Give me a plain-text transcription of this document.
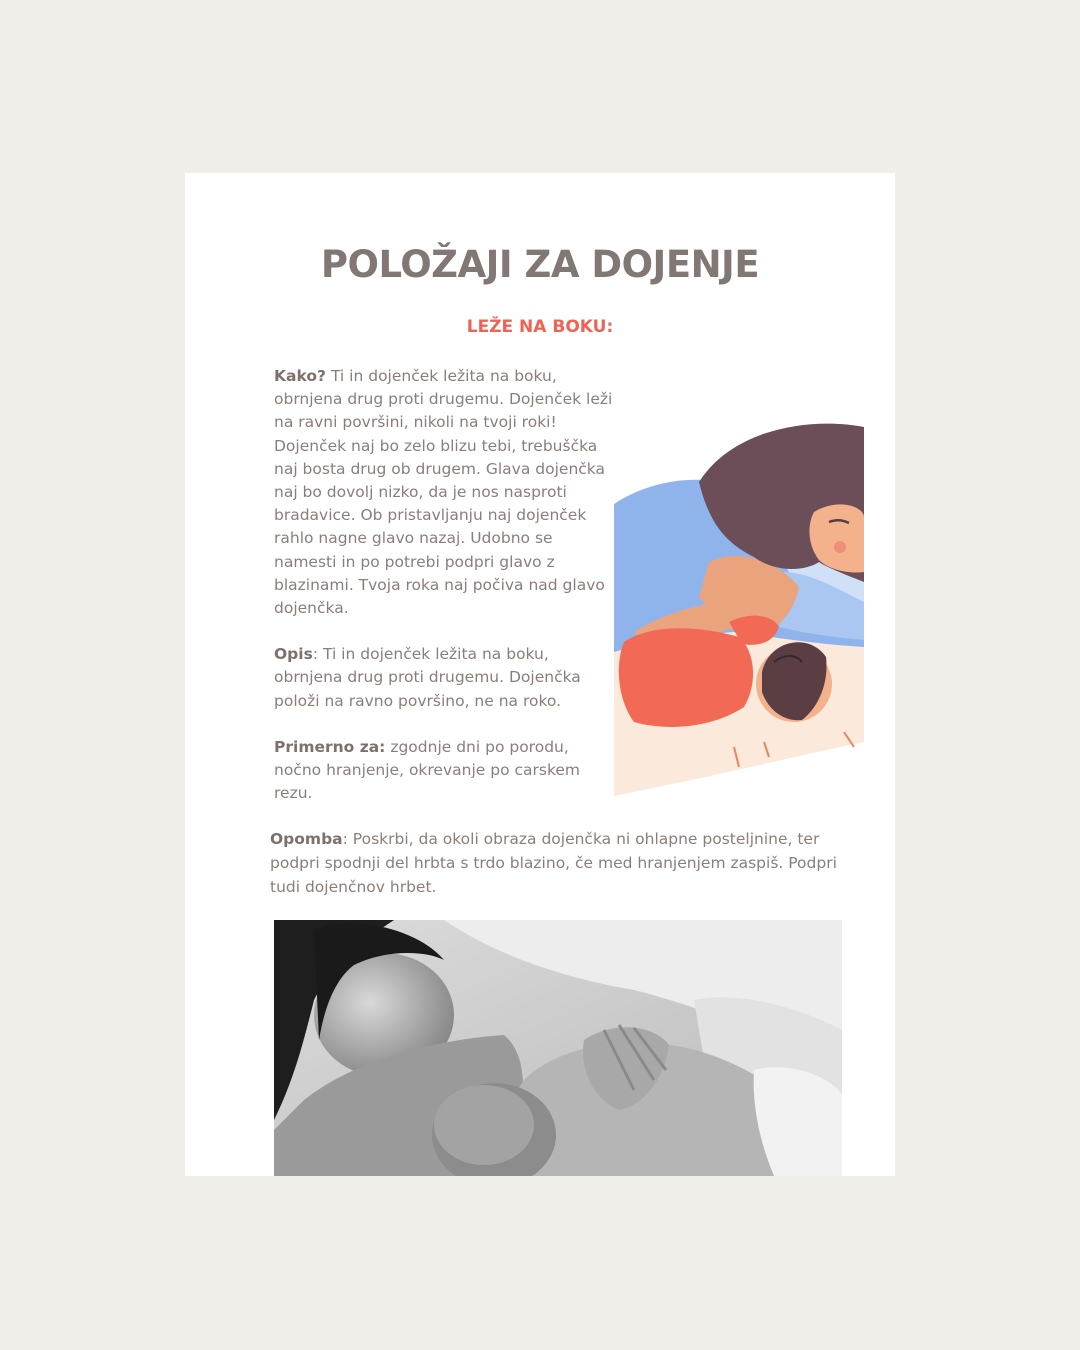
POLOŽAJI ZA DOJENJE
LEŽE NA BOKU:

Kako? Ti in dojenček ležita na boku, obrnjena drug proti drugemu. Dojenček leži na ravni površini, nikoli na tvoji roki! Dojenček naj bo zelo blizu tebi, trebuščka naj bosta drug ob drugem. Glava dojenčka naj bo dovolj nizko, da je nos nasproti bradavice. Ob pristavljanju naj dojenček rahlo nagne glavo nazaj. Udobno se namesti in po potrebi podpri glavo z blazinami. Tvoja roka naj počiva nad glavo dojenčka.

Opis: Ti in dojenček ležita na boku, obrnjena drug proti drugemu. Dojenčka položi na ravno površino, ne na roko.

Primerno za: zgodnje dni po porodu, nočno hranjenje, okrevanje po carskem rezu.

Opomba: Poskrbi, da okoli obraza dojenčka ni ohlapne posteljnine, ter podpri spodnji del hrbta s trdo blazino, če med hranjenjem zaspiš. Podpri tudi dojenčnov hrbet.
